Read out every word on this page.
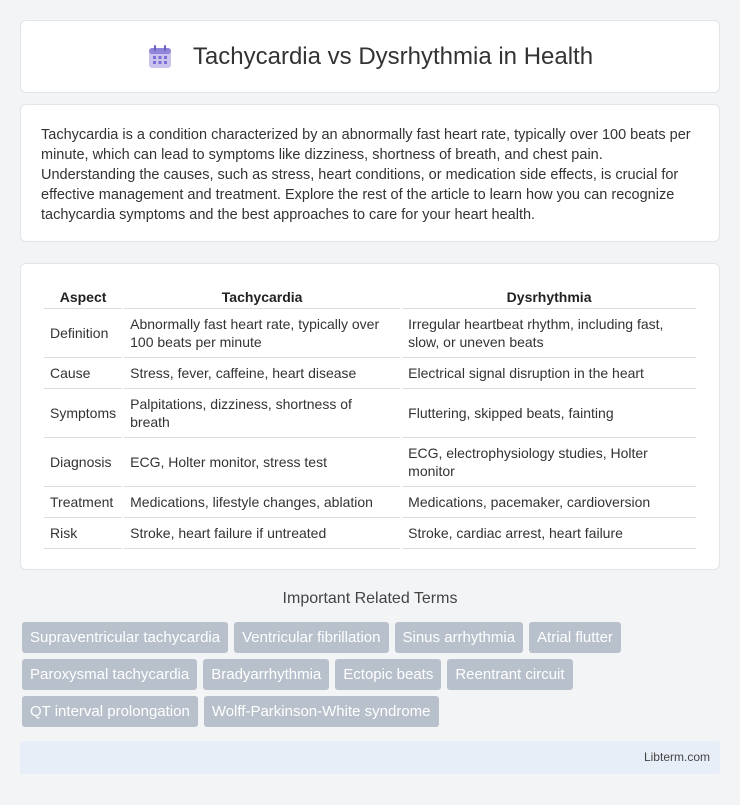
Tachycardia vs Dysrhythmia in Health

Tachycardia is a condition characterized by an abnormally fast heart rate, typically over 100 beats per minute, which can lead to symptoms like dizziness, shortness of breath, and chest pain. Understanding the causes, such as stress, heart conditions, or medication side effects, is crucial for effective management and treatment. Explore the rest of the article to learn how you can recognize tachycardia symptoms and the best approaches to care for your heart health.

Aspect	Tachycardia	Dysrhythmia
Definition	Abnormally fast heart rate, typically over 100 beats per minute	Irregular heartbeat rhythm, including fast, slow, or uneven beats
Cause	Stress, fever, caffeine, heart disease	Electrical signal disruption in the heart
Symptoms	Palpitations, dizziness, shortness of breath	Fluttering, skipped beats, fainting
Diagnosis	ECG, Holter monitor, stress test	ECG, electrophysiology studies, Holter monitor
Treatment	Medications, lifestyle changes, ablation	Medications, pacemaker, cardioversion
Risk	Stroke, heart failure if untreated	Stroke, cardiac arrest, heart failure
Important Related Terms
Supraventricular tachycardia	Ventricular fibrillation	Sinus arrhythmia	Atrial flutter
Paroxysmal tachycardia	Bradyarrhythmia	Ectopic beats	Reentrant circuit
QT interval prolongation	Wolff-Parkinson-White syndrome
Libterm.com
